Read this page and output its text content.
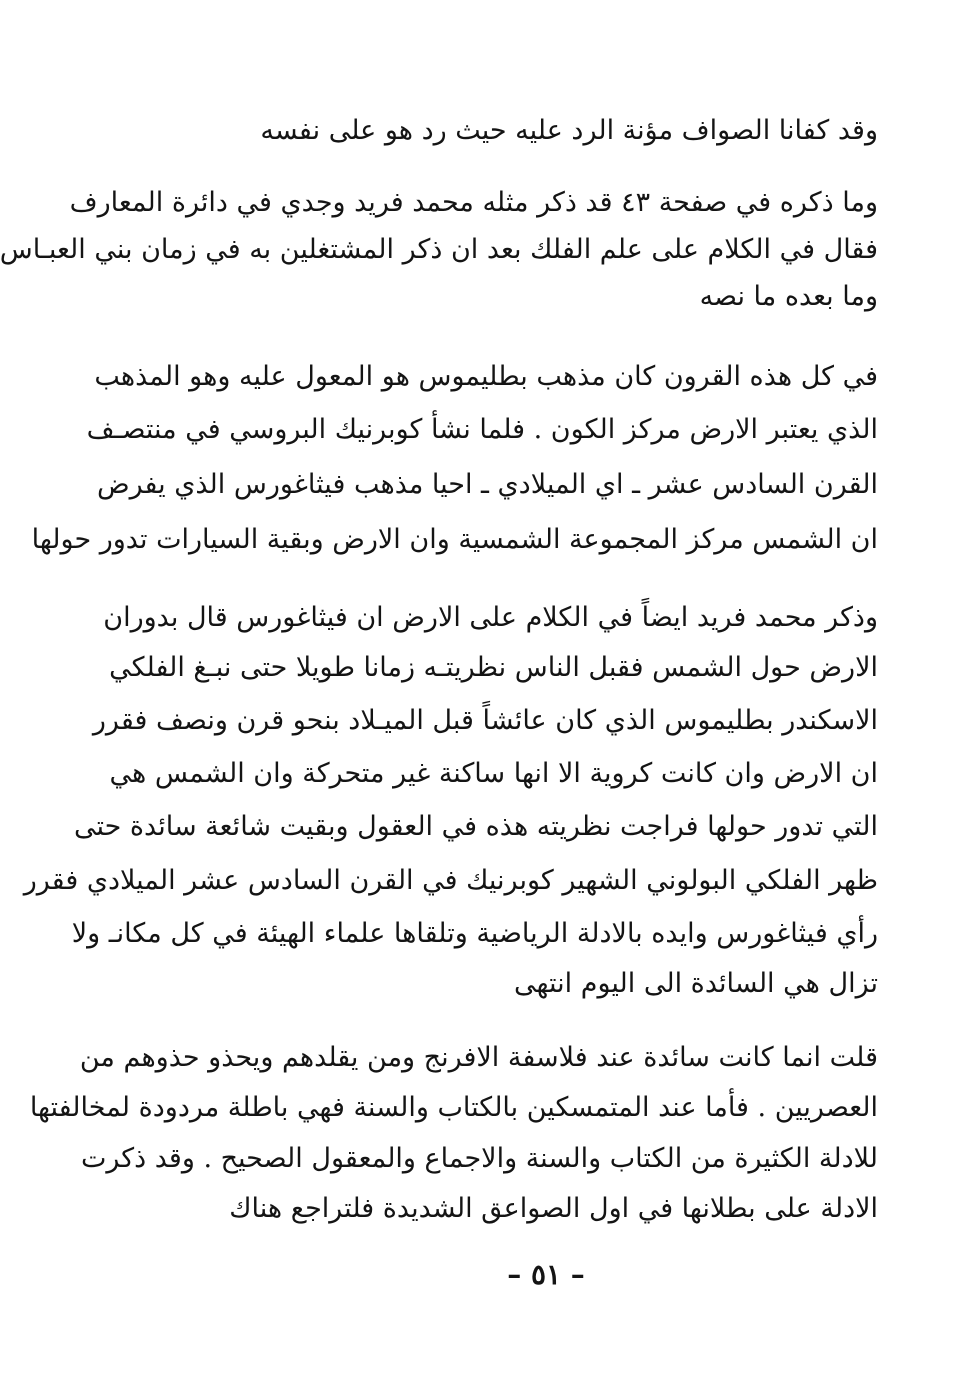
وقد كفانا الصواف مؤنة الرد عليه حيث رد هو على نفسه
وما ذكره في صفحة ٤٣ قد ذكر مثله محمد فريد وجدي في دائرة المعارف
فقال في الكلام على علم الفلك بعد ان ذكر المشتغلين به في زمان بني العبـاس
وما بعده ما نصه
في كل هذه القرون كان مذهب بطليموس هو المعول عليه وهو المذهب
الذي يعتبر الارض مركز الكون . فلما نشأ كوبرنيك البروسي في منتصـف
القرن السادس عشر ـ اي الميلادي ـ احيا مذهب فيثاغورس الذي يفرض
ان الشمس مركز المجموعة الشمسية وان الارض وبقية السيارات تدور حولها
وذكر محمد فريد ايضاً في الكلام على الارض ان فيثاغورس قال بدوران
الارض حول الشمس فقبل الناس نظريتـه زمانا طويلا حتى نبـغ الفلكي
الاسكندر بطليموس الذي كان عائشاً قبل الميـلاد بنحو قرن ونصف فقرر
ان الارض وان كانت كروية الا انها ساكنة غير متحركة وان الشمس هي
التي تدور حولها فراجت نظريته هذه في العقول وبقيت شائعة سائدة حتى
ظهر الفلكي البولوني الشهير كوبرنيك في القرن السادس عشر الميلادي فقرر
رأي فيثاغورس وايده بالادلة الرياضية وتلقاها علماء الهيئة في كل مكانـ ولا
تزال هي السائدة الى اليوم انتهى
قلت انما كانت سائدة عند فلاسفة الافرنج ومن يقلدهم ويحذو حذوهم من
العصريين . فأما عند المتمسكين بالكتاب والسنة فهي باطلة مردودة لمخالفتها
للادلة الكثيرة من الكتاب والسنة والاجماع والمعقول الصحيح . وقد ذكرت
الادلة على بطلانها في اول الصواعق الشديدة فلتراجع هناك
– ٥١ –
